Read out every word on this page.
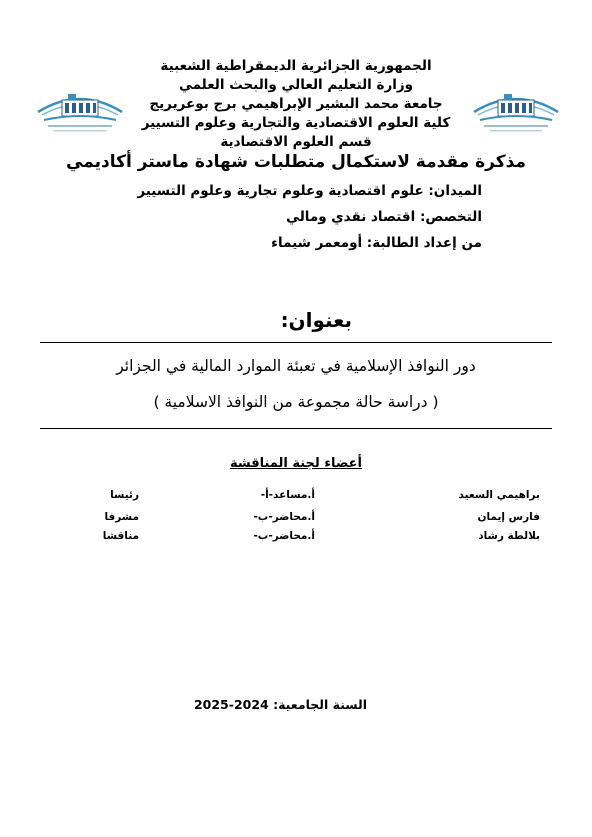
الجمهورية الجزائرية الديمقراطية الشعبية
وزارة التعليم العالي والبحث العلمي
جامعة محمد البشير الإبراهيمي برج بوعريريج
كلية العلوم الاقتصادية والتجارية وعلوم التسيير
قسم العلوم الاقتصادية
مذكرة مقدمة لاستكمال متطلبات شهادة ماستر أكاديمي
الميدان: علوم اقتصادية وعلوم تجارية وعلوم التسيير
التخصص: اقتصاد نقدي ومالي
من إعداد الطالبة: أومعمر شيماء
بعنوان:
دور النوافذ الإسلامية في تعبئة الموارد المالية في الجزائر
( دراسة حالة مجموعة من النوافذ الاسلامية )
أعضاء لجنة المناقشة
براهيمي السعيد
أ.مساعد-أ-
رئيسا
فارس إيمان
أ.محاضر-ب-
مشرفا
بلالطة رشاد
أ.محاضر-ب-
مناقشا
السنة الجامعية: 2024-2025
